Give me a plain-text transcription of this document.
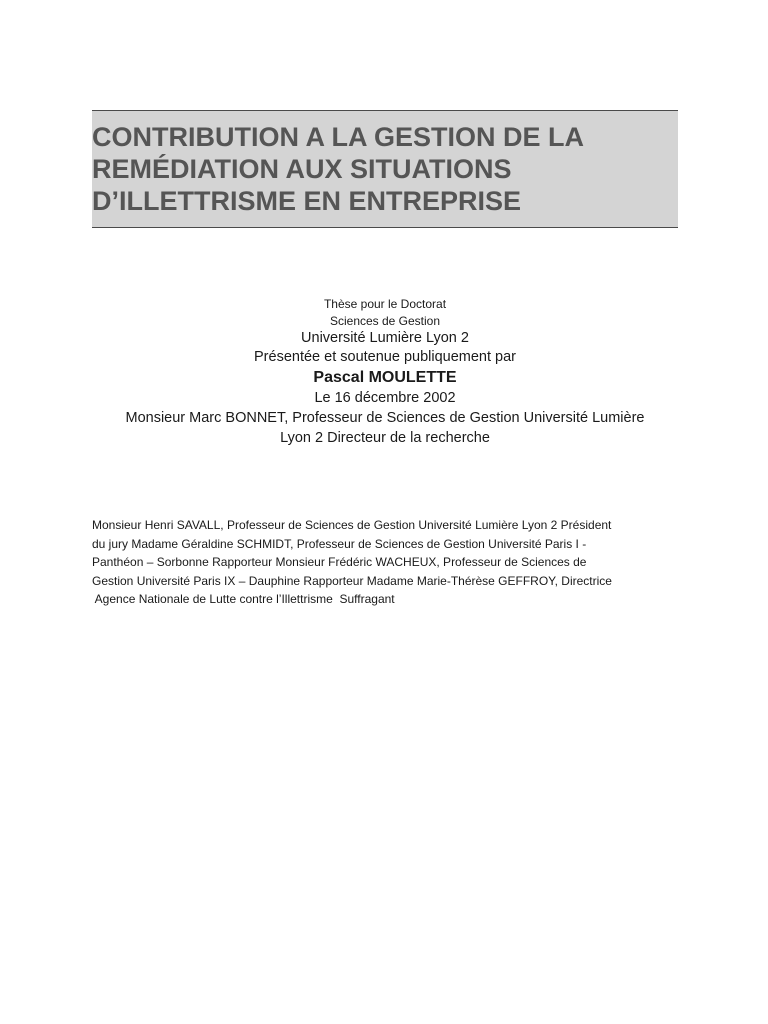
CONTRIBUTION A LA GESTION DE LA
REMÉDIATION AUX SITUATIONS
D’ILLETTRISME EN ENTREPRISE
Thèse pour le Doctorat
Sciences de Gestion
Université Lumière Lyon 2
Présentée et soutenue publiquement par
Pascal MOULETTE
Le 16 décembre 2002
Monsieur Marc BONNET, Professeur de Sciences de Gestion Université Lumière
Lyon 2 Directeur de la recherche
Monsieur Henri SAVALL, Professeur de Sciences de Gestion Université Lumière Lyon 2 Président
du jury Madame Géraldine SCHMIDT, Professeur de Sciences de Gestion Université Paris I -
Panthéon – Sorbonne Rapporteur Monsieur Frédéric WACHEUX, Professeur de Sciences de
Gestion Université Paris IX – Dauphine Rapporteur Madame Marie-Thérèse GEFFROY, Directrice
Agence Nationale de Lutte contre l’Illettrisme  Suffragant
